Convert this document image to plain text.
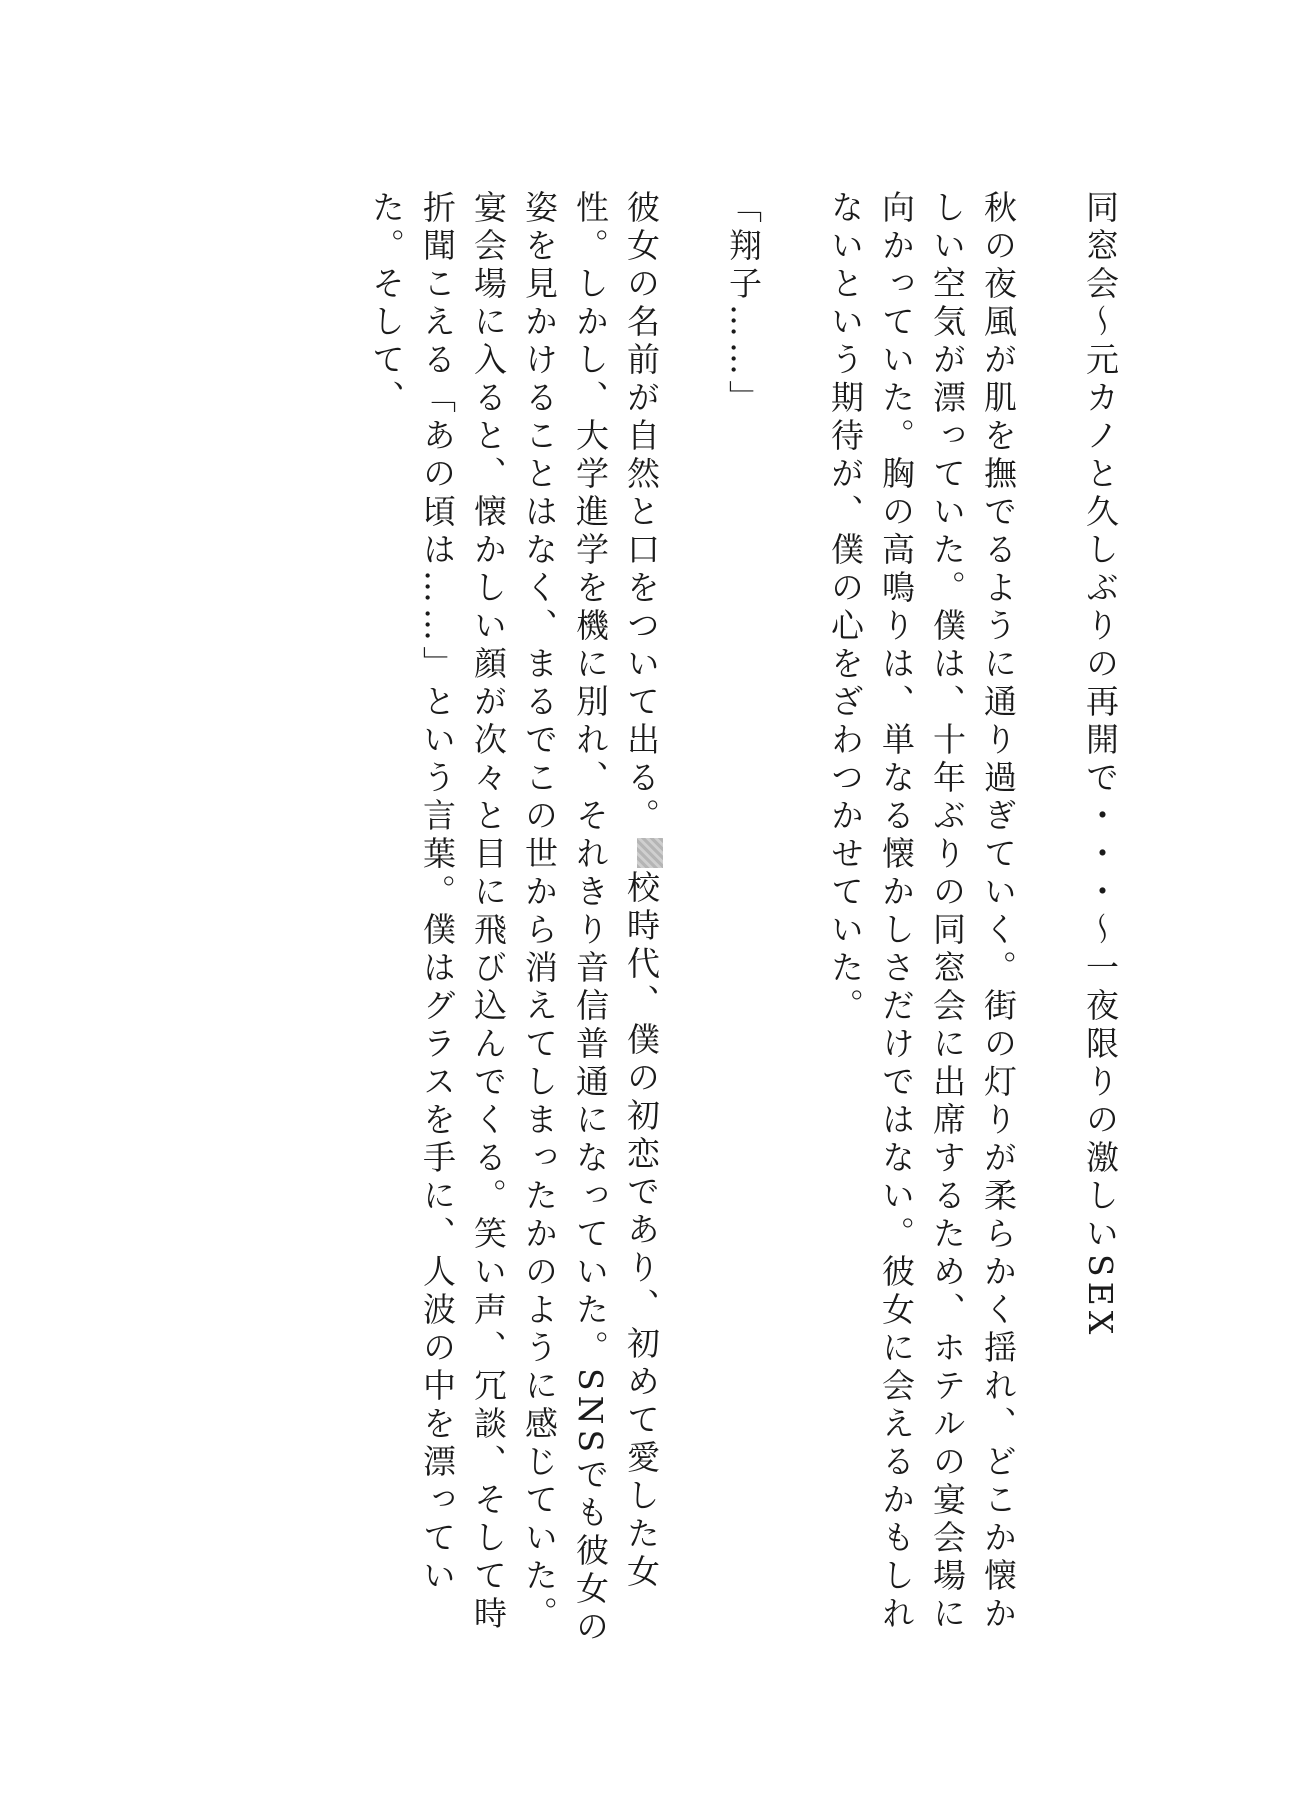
同窓会〜元カノと久しぶりの再開で・・・〜一夜限りの激しいSEX

秋の夜風が肌を撫でるように通り過ぎていく。街の灯りが柔らかく揺れ、どこか懐かしい空気が漂っていた。僕は、十年ぶりの同窓会に出席するため、ホテルの宴会場に向かっていた。胸の高鳴りは、単なる懐かしさだけではない。彼女に会えるかもしれないという期待が、僕の心をざわつかせていた。

「翔子……」

彼女の名前が自然と口をついて出る。校時代、僕の初恋であり、初めて愛した女性。しかし、大学進学を機に別れ、それきり音信普通になっていた。SNSでも彼女の姿を見かけることはなく、まるでこの世から消えてしまったかのように感じていた。

宴会場に入ると、懐かしい顔が次々と目に飛び込んでくる。笑い声、冗談、そして時折聞こえる「あの頃は……」という言葉。僕はグラスを手に、人波の中を漂っていた。そして、
